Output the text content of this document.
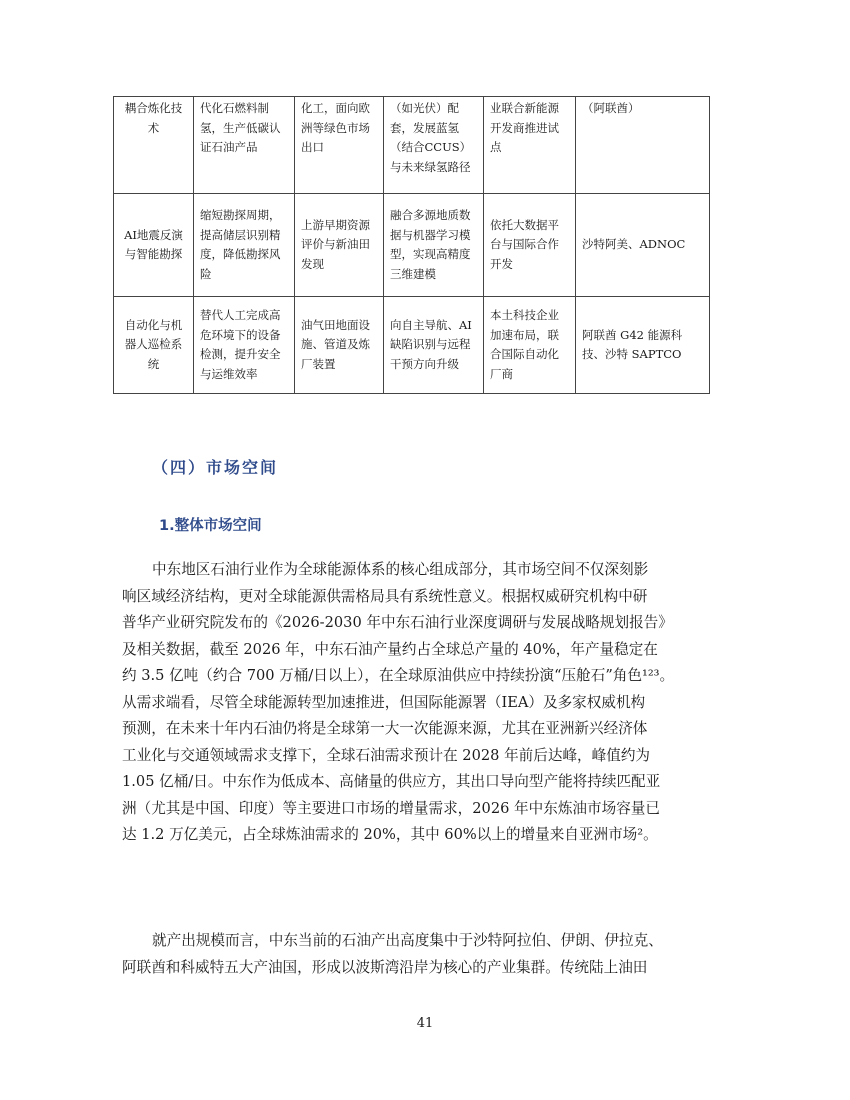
耦合炼化技术	代化石燃料制氢，生产低碳认证石油产品	化工，面向欧洲等绿色市场出口	（如光伏）配套，发展蓝氢（结合CCUS）与未来绿氢路径	业联合新能源开发商推进试点	（阿联酋）
AI地震反演与智能勘探	缩短勘探周期，提高储层识别精度，降低勘探风险	上游早期资源评价与新油田发现	融合多源地质数据与机器学习模型，实现高精度三维建模	依托大数据平台与国际合作开发	沙特阿美、ADNOC
自动化与机器人巡检系统	替代人工完成高危环境下的设备检测，提升安全与运维效率	油气田地面设施、管道及炼厂装置	向自主导航、AI缺陷识别与远程干预方向升级	本土科技企业加速布局，联合国际自动化厂商	阿联酋 G42 能源科技、沙特 SAPTCO
（四）市场空间
1.整体市场空间
中东地区石油行业作为全球能源体系的核心组成部分，其市场空间不仅深刻影
响区域经济结构，更对全球能源供需格局具有系统性意义。根据权威研究机构中研
普华产业研究院发布的《2026-2030 年中东石油行业深度调研与发展战略规划报告》
及相关数据，截至 2026 年，中东石油产量约占全球总产量的 40%，年产量稳定在
约 3.5 亿吨（约合 700 万桶/日以上），在全球原油供应中持续扮演“压舱石”角色¹²³。
从需求端看，尽管全球能源转型加速推进，但国际能源署（IEA）及多家权威机构
预测，在未来十年内石油仍将是全球第一大一次能源来源，尤其在亚洲新兴经济体
工业化与交通领域需求支撑下，全球石油需求预计在 2028 年前后达峰，峰值约为
1.05 亿桶/日。中东作为低成本、高储量的供应方，其出口导向型产能将持续匹配亚
洲（尤其是中国、印度）等主要进口市场的增量需求，2026 年中东炼油市场容量已
达 1.2 万亿美元，占全球炼油需求的 20%，其中 60%以上的增量来自亚洲市场²。
就产出规模而言，中东当前的石油产出高度集中于沙特阿拉伯、伊朗、伊拉克、
阿联酋和科威特五大产油国，形成以波斯湾沿岸为核心的产业集群。传统陆上油田
41
